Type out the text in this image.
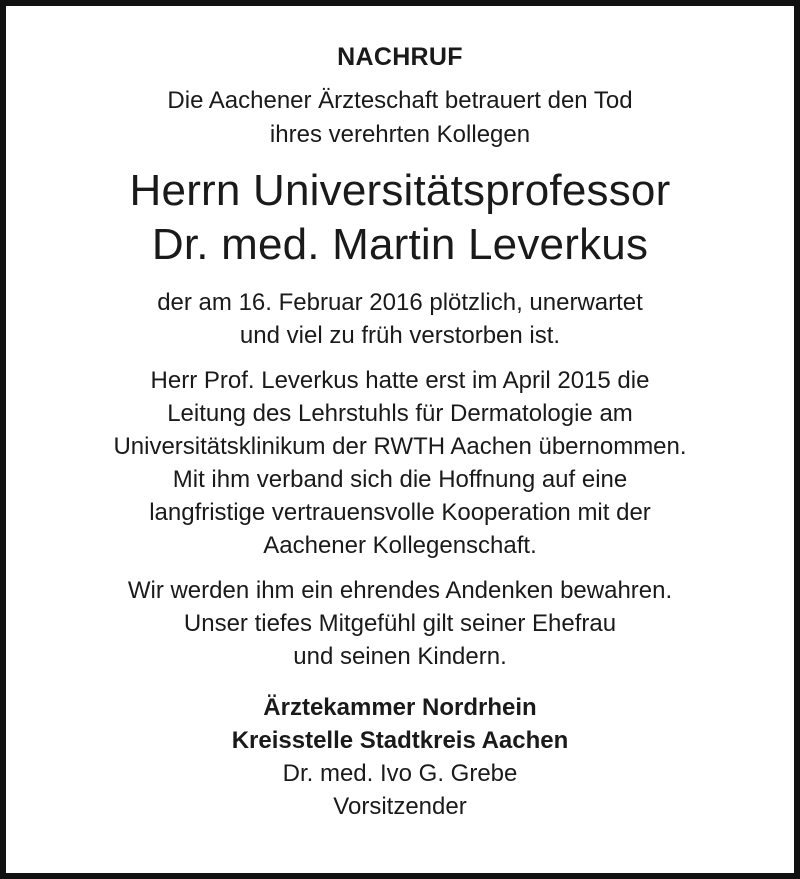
NACHRUF
Die Aachener Ärzteschaft betrauert den Tod
ihres verehrten Kollegen
Herrn Universitätsprofessor
Dr. med. Martin Leverkus
der am 16. Februar 2016 plötzlich, unerwartet
und viel zu früh verstorben ist.
Herr Prof. Leverkus hatte erst im April 2015 die
Leitung des Lehrstuhls für Dermatologie am
Universitätsklinikum der RWTH Aachen übernommen.
Mit ihm verband sich die Hoffnung auf eine
langfristige vertrauensvolle Kooperation mit der
Aachener Kollegenschaft.
Wir werden ihm ein ehrendes Andenken bewahren.
Unser tiefes Mitgefühl gilt seiner Ehefrau
und seinen Kindern.
Ärztekammer Nordrhein
Kreisstelle Stadtkreis Aachen
Dr. med. Ivo G. Grebe
Vorsitzender
